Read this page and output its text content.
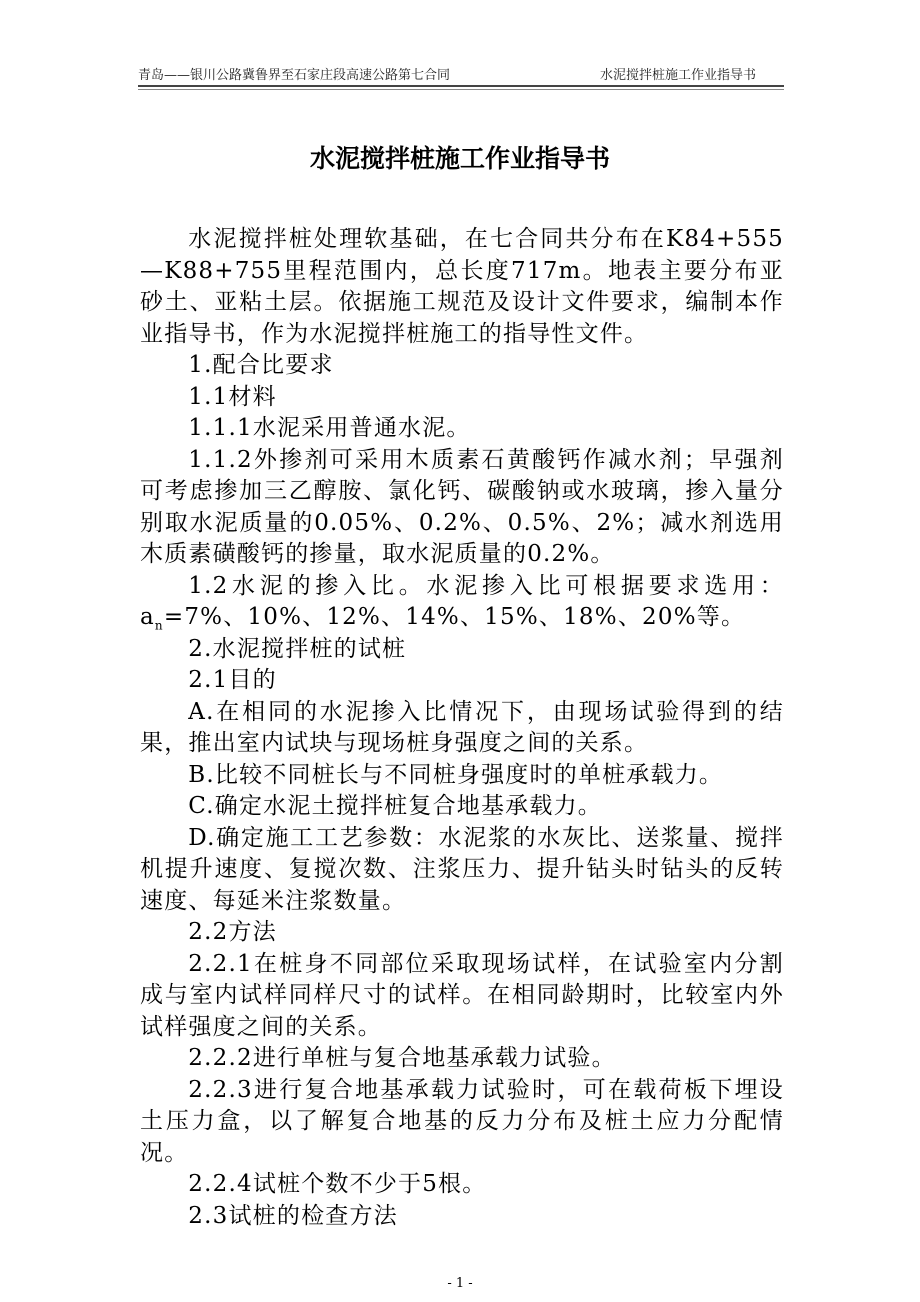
青岛——银川公路冀鲁界至石家庄段高速公路第七合同	水泥搅拌桩施工作业指导书
水泥搅拌桩施工作业指导书

水泥搅拌桩处理软基础，在七合同共分布在K84+555—K88+755里程范围内，总长度717m。地表主要分布亚砂土、亚粘土层。依据施工规范及设计文件要求，编制本作业指导书，作为水泥搅拌桩施工的指导性文件。

1.配合比要求

1.1材料

1.1.1水泥采用普通水泥。

1.1.2外掺剂可采用木质素石黄酸钙作减水剂；早强剂可考虑掺加三乙醇胺、氯化钙、碳酸钠或水玻璃，掺入量分别取水泥质量的0.05%、0.2%、0.5%、2%；减水剂选用木质素磺酸钙的掺量，取水泥质量的0.2%。

1.2水泥的掺入比。水泥掺入比可根据要求选用：$a_n=7\%$、10%、12%、14%、15%、18%、20%等。

2.水泥搅拌桩的试桩

2.1目的

A.在相同的水泥掺入比情况下，由现场试验得到的结果，推出室内试块与现场桩身强度之间的关系。

B.比较不同桩长与不同桩身强度时的单桩承载力。

C.确定水泥土搅拌桩复合地基承载力。

D.确定施工工艺参数：水泥浆的水灰比、送浆量、搅拌机提升速度、复搅次数、注浆压力、提升钻头时钻头的反转速度、每延米注浆数量。

2.2方法

2.2.1在桩身不同部位采取现场试样，在试验室内分割成与室内试样同样尺寸的试样。在相同龄期时，比较室内外试样强度之间的关系。

2.2.2进行单桩与复合地基承载力试验。

2.2.3进行复合地基承载力试验时，可在载荷板下埋设土压力盒，以了解复合地基的反力分布及桩土应力分配情况。

2.2.4试桩个数不少于5根。

2.3试桩的检查方法

- 1 -
